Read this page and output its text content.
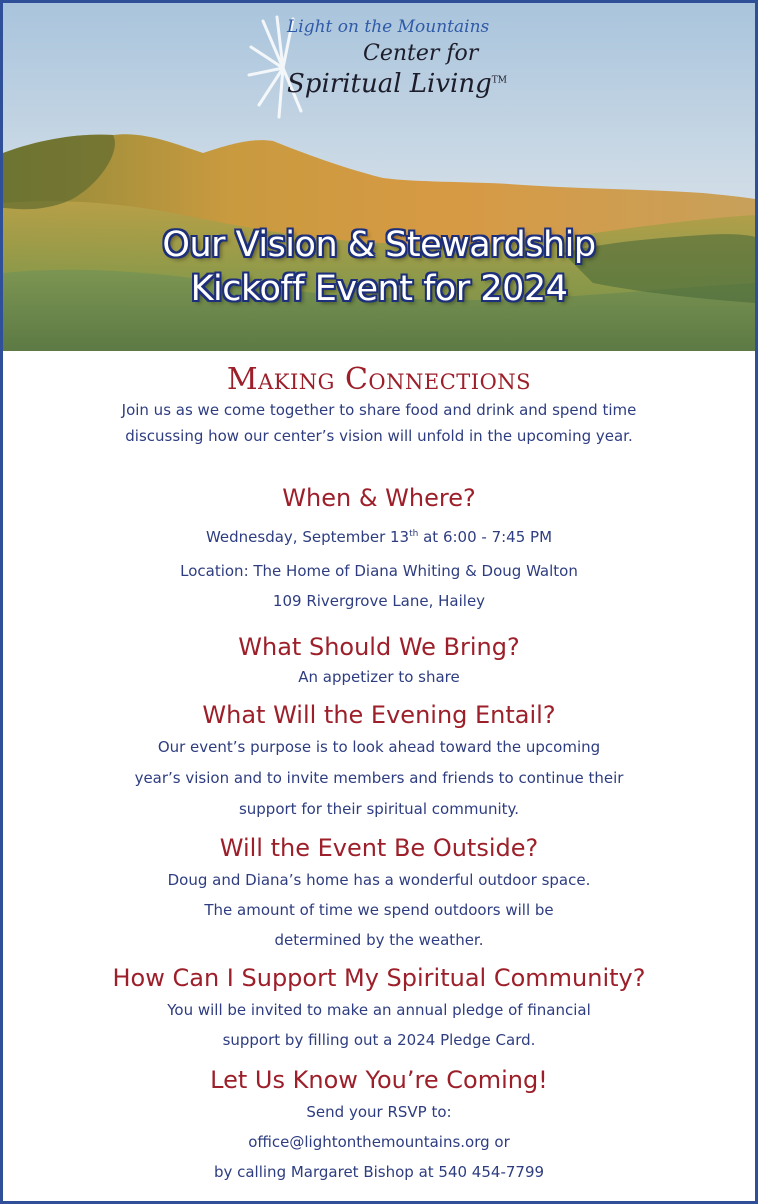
Light on the Mountains
Center for
Spiritual Living™
Our Vision & Stewardship
Kickoff Event for 2024
Making Connections
Join us as we come together to share food and drink and spend time
discussing how our center’s vision will unfold in the upcoming year.
When & Where?
Wednesday, September 13th at 6:00 - 7:45 PM
Location: The Home of Diana Whiting & Doug Walton
109 Rivergrove Lane, Hailey
What Should We Bring?
An appetizer to share
What Will the Evening Entail?
Our event’s purpose is to look ahead toward the upcoming
year’s vision and to invite members and friends to continue their
support for their spiritual community.
Will the Event Be Outside?
Doug and Diana’s home has a wonderful outdoor space.
The amount of time we spend outdoors will be
determined by the weather.
How Can I Support My Spiritual Community?
You will be invited to make an annual pledge of financial
support by filling out a 2024 Pledge Card.
Let Us Know You’re Coming!
Send your RSVP to:
office@lightonthemountains.org or
by calling Margaret Bishop at 540 454-7799
